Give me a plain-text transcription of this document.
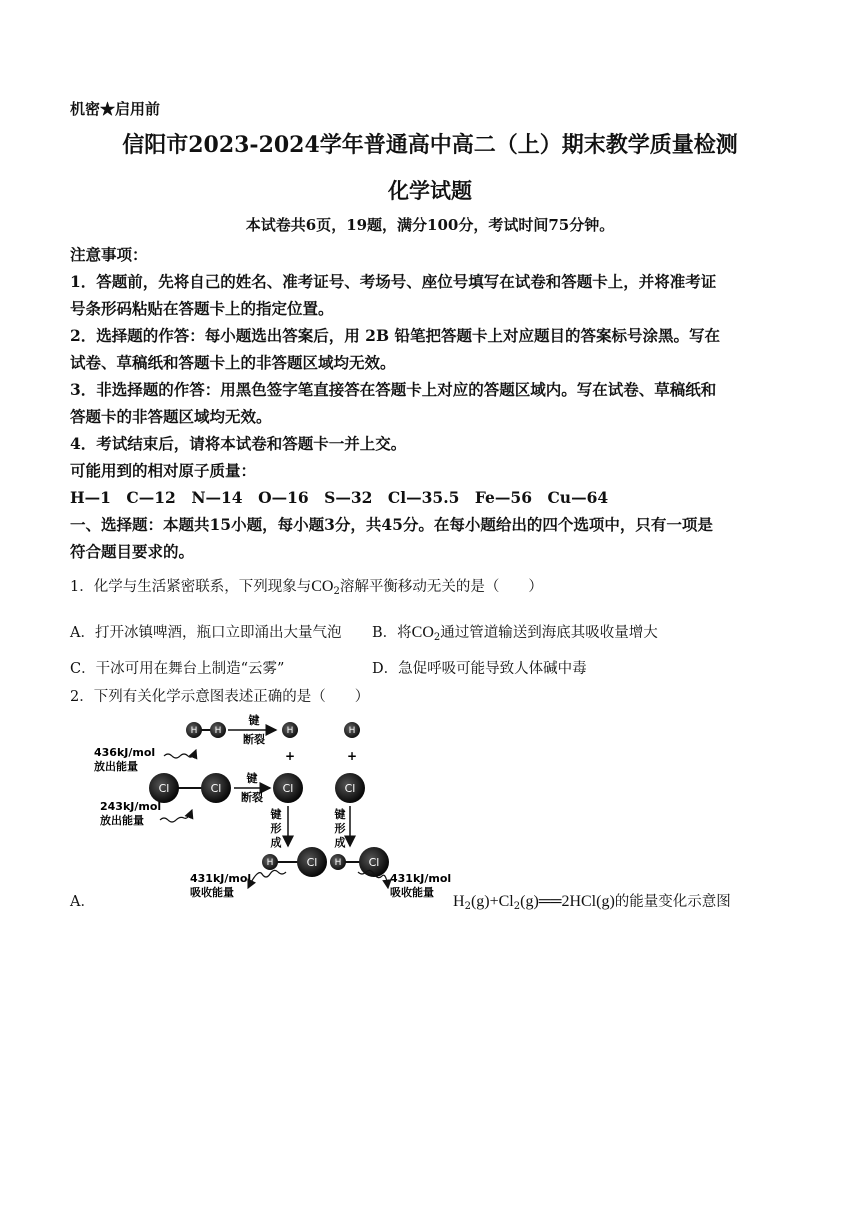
机密★启用前
信阳市2023-2024学年普通高中高二（上）期末教学质量检测
化学试题
本试卷共6页，19题，满分100分，考试时间75分钟。
注意事项：
1．答题前，先将自己的姓名、准考证号、考场号、座位号填写在试卷和答题卡上，并将准考证
号条形码粘贴在答题卡上的指定位置。
2．选择题的作答：每小题选出答案后，用 2B 铅笔把答题卡上对应题目的答案标号涂黑。写在
试卷、草稿纸和答题卡上的非答题区域均无效。
3．非选择题的作答：用黑色签字笔直接答在答题卡上对应的答题区域内。写在试卷、草稿纸和
答题卡的非答题区域均无效。
4．考试结束后，请将本试卷和答题卡一并上交。
可能用到的相对原子质量：
H—1　C—12　N—14　O—16　S—32　Cl—35.5　Fe—56　Cu—64
一、选择题：本题共15小题，每小题3分，共45分。在每小题给出的四个选项中，只有一项是
符合题目要求的。
1．化学与生活紧密联系，下列现象与$CO_2$溶解平衡移动无关的是（　　）
A．打开冰镇啤酒，瓶口立即涌出大量气泡 B．将$CO_2$通过管道输送到海底其吸收量增大
C．干冰可用在舞台上制造“云雾”	D．急促呼吸可能导致人体碱中毒
2．下列有关化学示意图表述正确的是（　　）
A．
H H
键
断裂
H	H
436kJ/mol
放出能量
+	+
Cl	Cl
键
断裂
Cl	Cl
243kJ/mol
放出能量	键
形
成
键
形
成
H	Cl H Cl
431kJ/mol
吸收能量
431kJ/mol
吸收能量
$H_2(g)+Cl_2(g)══2HCl(g)$的能量变化示意图
